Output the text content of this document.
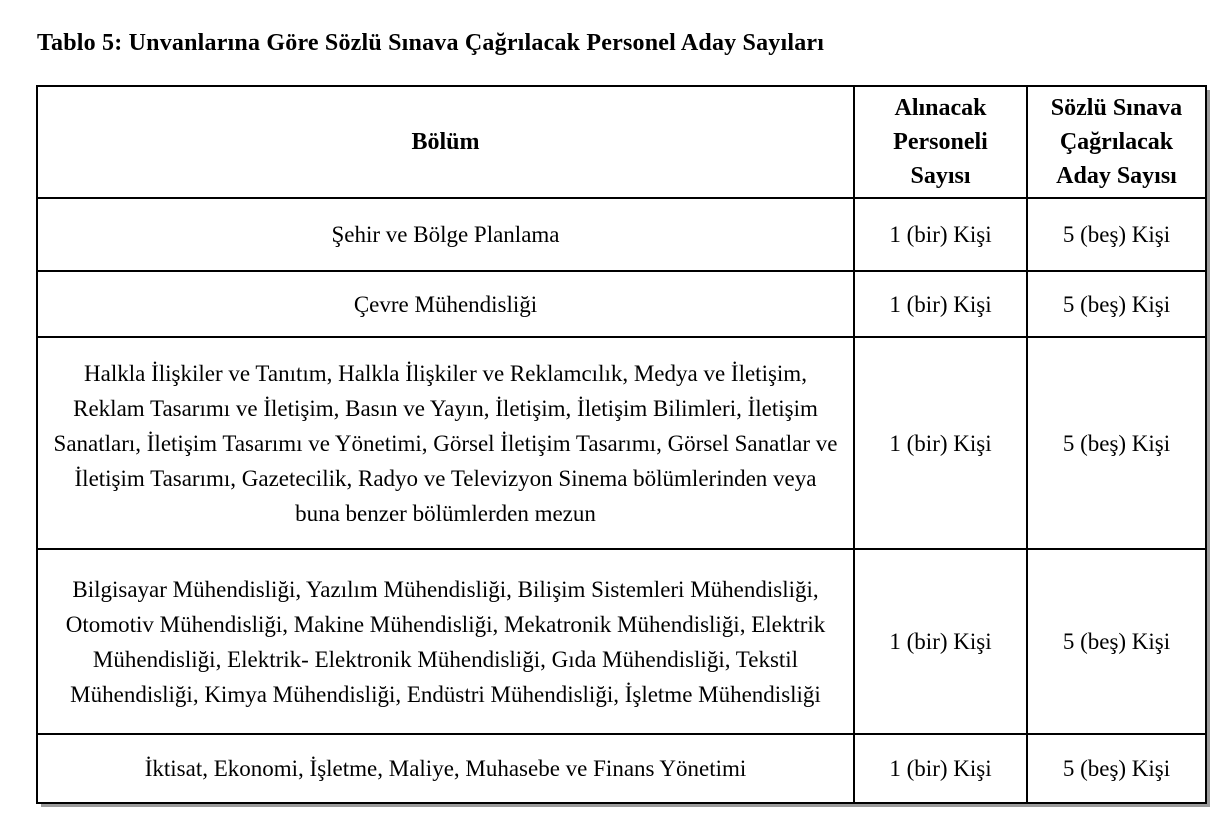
Tablo 5: Unvanlarına Göre Sözlü Sınava Çağrılacak Personel Aday Sayıları
Bölüm	Alınacak Personeli Sayısı	Sözlü Sınava Çağrılacak Aday Sayısı
Şehir ve Bölge Planlama	1 (bir) Kişi	5 (beş) Kişi
Çevre Mühendisliği	1 (bir) Kişi	5 (beş) Kişi
Halkla İlişkiler ve Tanıtım, Halkla İlişkiler ve Reklamcılık, Medya ve İletişim, Reklam Tasarımı ve İletişim, Basın ve Yayın, İletişim, İletişim Bilimleri, İletişim Sanatları, İletişim Tasarımı ve Yönetimi, Görsel İletişim Tasarımı, Görsel Sanatlar ve İletişim Tasarımı, Gazetecilik, Radyo ve Televizyon Sinema bölümlerinden veya buna benzer bölümlerden mezun	1 (bir) Kişi	5 (beş) Kişi
Bilgisayar Mühendisliği, Yazılım Mühendisliği, Bilişim Sistemleri Mühendisliği, Otomotiv Mühendisliği, Makine Mühendisliği, Mekatronik Mühendisliği, Elektrik Mühendisliği, Elektrik- Elektronik Mühendisliği, Gıda Mühendisliği, Tekstil Mühendisliği, Kimya Mühendisliği, Endüstri Mühendisliği, İşletme Mühendisliği	1 (bir) Kişi	5 (beş) Kişi
İktisat, Ekonomi, İşletme, Maliye, Muhasebe ve Finans Yönetimi	1 (bir) Kişi	5 (beş) Kişi
